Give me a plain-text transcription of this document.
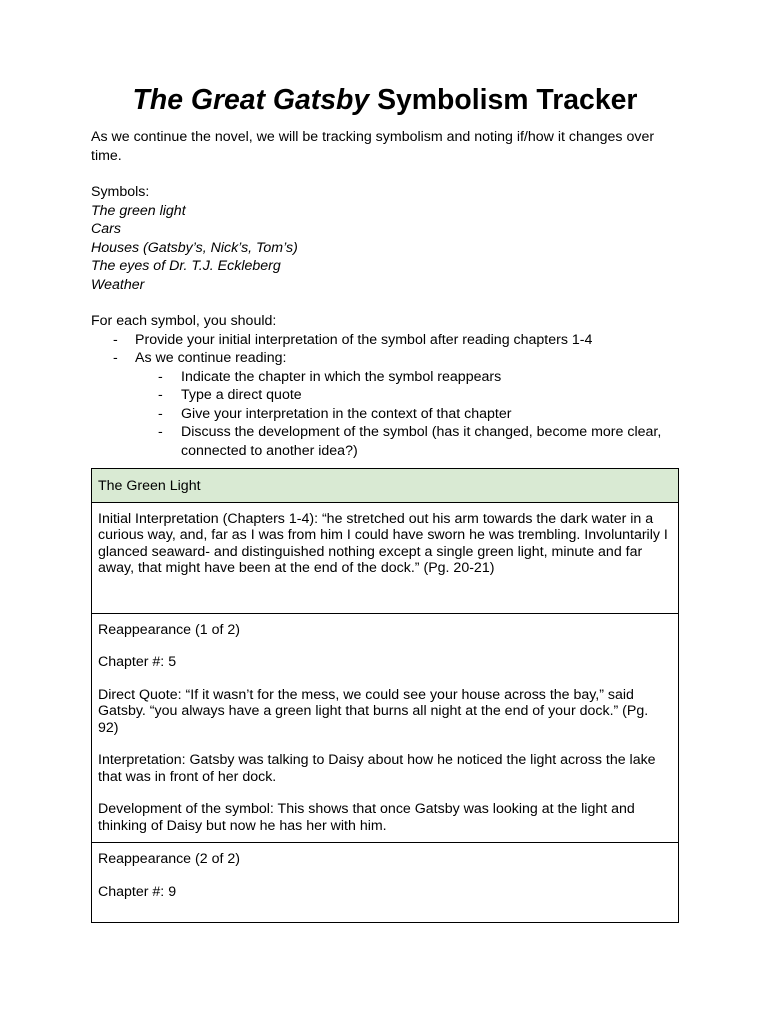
The Great Gatsby Symbolism Tracker

As we continue the novel, we will be tracking symbolism and noting if/how it changes over time.

Symbols:

The green light
Cars
Houses (Gatsby’s, Nick’s, Tom’s)
The eyes of Dr. T.J. Eckleberg
Weather

For each symbol, you should:

- Provide your initial interpretation of the symbol after reading chapters 1-4
- As we continue reading:
- Indicate the chapter in which the symbol reappears
- Type a direct quote
- Give your interpretation in the context of that chapter
- Discuss the development of the symbol (has it changed, become more clear, connected to another idea?)
The Green Light
Initial Interpretation (Chapters 1-4): “he stretched out his arm towards the dark water in a curious way, and, far as I was from him I could have sworn he was trembling. Involuntarily I glanced seaward- and distinguished nothing except a single green light, minute and far away, that might have been at the end of the dock.” (Pg. 20-21)

Reappearance (1 of 2)

Chapter #: 5

Direct Quote: “If it wasn’t for the mess, we could see your house across the bay,” said Gatsby. “you always have a green light that burns all night at the end of your dock.” (Pg. 92)

Interpretation: Gatsby was talking to Daisy about how he noticed the light across the lake that was in front of her dock.

Development of the symbol: This shows that once Gatsby was looking at the light and thinking of Daisy but now he has her with him.

Reappearance (2 of 2)

Chapter #: 9
